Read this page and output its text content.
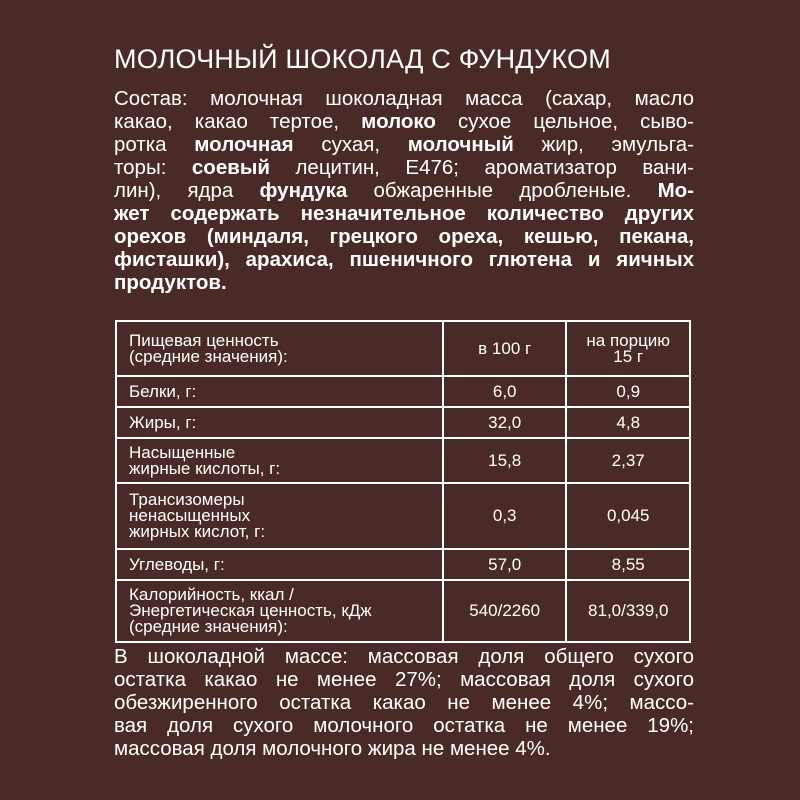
МОЛОЧНЫЙ ШОКОЛАД С ФУНДУКОМ
Состав: молочная шоколадная масса (сахар, масло
какао, какао тертое, молоко сухое цельное, сыво-
ротка молочная сухая, молочный жир, эмульга-
торы: соевый лецитин, Е476; ароматизатор вани-
лин), ядра фундука обжаренные дробленые. Мо-
жет содержать незначительное количество других
орехов (миндаля, грецкого ореха, кешью, пекана,
фисташки), арахиса, пшеничного глютена и яичных
продуктов.
Пищевая ценность
(средние значения):	в 100 г	на порцию 15 г
Белки, г:	6,0	0,9
Жиры, г:	32,0	4,8
Насыщенные
жирные кислоты, г:	15,8	2,37
Трансизомеры
ненасыщенных
жирных кислот, г:	0,3	0,045
Углеводы, г:	57,0	8,55
Калорийность, ккал /
Энергетическая ценность, кДж
(средние значения):	540/2260	81,0/339,0
В шоколадной массе: массовая доля общего сухого
остатка какао не менее 27%; массовая доля сухого
обезжиренного остатка какао не менее 4%; массо-
вая доля сухого молочного остатка не менее 19%;
массовая доля молочного жира не менее 4%.
